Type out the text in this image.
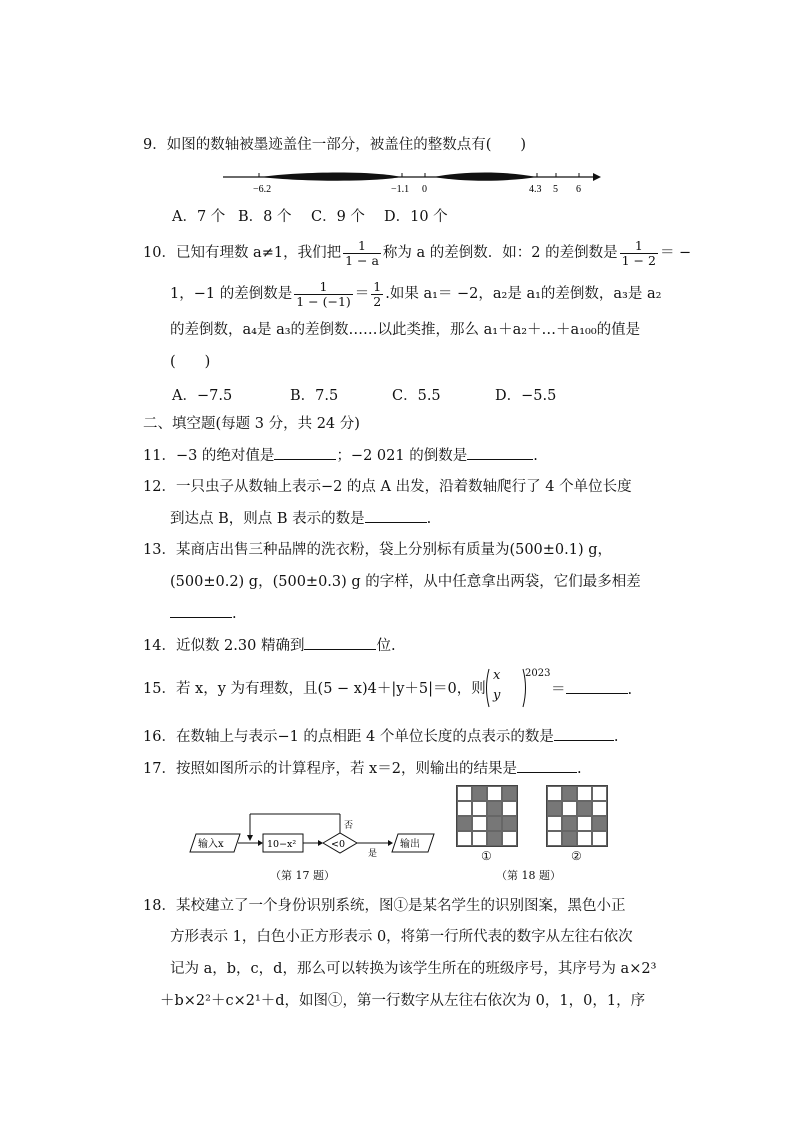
9．如图的数轴被墨迹盖住一部分，被盖住的整数点有(　　)
−6.2	−1.1 0	4.3 5 6
A．7 个 B．8 个 C．9 个 D．10 个
10．已知有理数 a≠1，我们把 $\frac{1}{1 - a}$ 称为 a 的差倒数．如：2 的差倒数是 $\frac{1}{1 - 2}$ ＝ −
1，−1 的差倒数是 $\frac{1}{1 - (-1)} = \frac{1}{2}$ .如果 a₁＝ −2，a₂是 a₁的差倒数，a₃是 a₂
的差倒数，a₄是 a₃的差倒数……以此类推，那么 a₁＋a₂＋…＋a₁₀₀的值是
(　　)
A．−7.5	B．7.5	C．5.5	D．−5.5
二、填空题(每题 3 分，共 24 分)
11．−3 的绝对值是	；−2 021 的倒数是	.
12．一只虫子从数轴上表示−2 的点 A 出发，沿着数轴爬行了 4 个单位长度
到达点 B，则点 B 表示的数是	.
13．某商店出售三种品牌的洗衣粉，袋上分别标有质量为(500±0.1) g，
(500±0.2) g，(500±0.3) g 的字样，从中任意拿出两袋，它们最多相差
.
14．近似数 2.30 精确到	位.
15．若 x，y 为有理数，且(5 − x)4＋|y＋5|＝0，则
x
y
2023
＝	.
16．在数轴上与表示−1 的点相距 4 个单位长度的点表示的数是	.
17．按照如图所示的计算程序，若 x＝2，则输出的结果是	.
输入x	10−x²	<0
否
是
输出
（第 17 题）
①	②
（第 18 题）
18．某校建立了一个身份识别系统，图①是某名学生的识别图案，黑色小正
方形表示 1，白色小正方形表示 0，将第一行所代表的数字从左往右依次
记为 a，b，c，d，那么可以转换为该学生所在的班级序号，其序号为 a×2³
＋b×2²＋c×2¹＋d，如图①，第一行数字从左往右依次为 0，1，0，1，序
